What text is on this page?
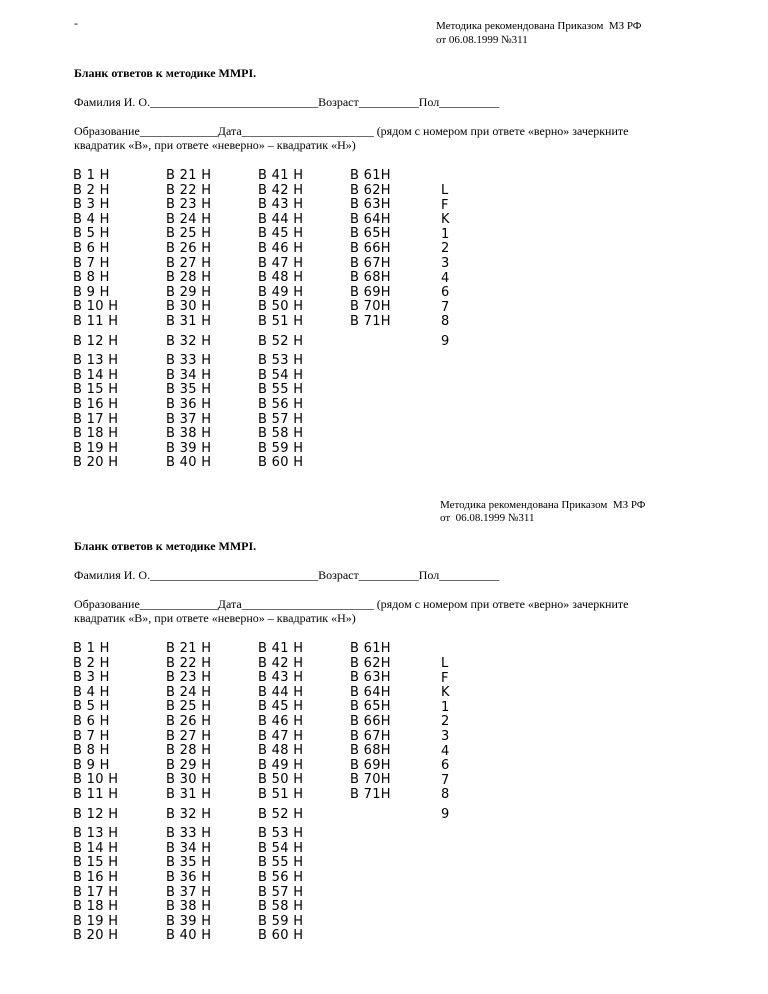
-	Методика рекомендована Приказом  МЗ РФ
от 06.08.1999 №311
Бланк ответов к методике MMPI.
Фамилия И. О.____________________________Возраст__________Пол__________
Образование_____________Дата______________________ (рядом с номером при ответе «верно» зачеркните
квадратик «В», при ответе «неверно» – квадратик «Н»)
В 1 Н
В 2 Н
В 3 Н
В 4 Н
В 5 Н
В 6 Н
В 7 Н
В 8 Н
В 9 Н
В 10 Н
В 11 Н
В 12 Н
В 13 Н
В 14 Н
В 15 Н
В 16 Н
В 17 Н
В 18 Н
В 19 Н
В 20 Н
В 21 Н
В 22 Н
В 23 Н
В 24 Н
В 25 Н
В 26 Н
В 27 Н
В 28 Н
В 29 Н
В 30 Н
В 31 Н
В 32 Н
В 33 Н
В 34 Н
В 35 Н
В 36 Н
В 37 Н
В 38 Н
В 39 Н
В 40 Н
В 41 Н
В 42 Н
В 43 Н
В 44 Н
В 45 Н
В 46 Н
В 47 Н
В 48 Н
В 49 Н
В 50 Н
В 51 Н
В 52 Н
В 53 Н
В 54 Н
В 55 Н
В 56 Н
В 57 Н
В 58 Н
В 59 Н
В 60 Н
В 61Н
В 62Н
В 63Н
В 64Н
В 65Н
В 66Н
В 67Н
В 68Н
В 69Н
В 70Н
В 71Н
L
F
K
1
2
3
4
6
7
8
9
Методика рекомендована Приказом  МЗ РФ
от  06.08.1999 №311
Бланк ответов к методике MMPI.
Фамилия И. О.____________________________Возраст__________Пол__________
Образование_____________Дата______________________ (рядом с номером при ответе «верно» зачеркните
квадратик «В», при ответе «неверно» – квадратик «Н»)
В 1 Н
В 2 Н
В 3 Н
В 4 Н
В 5 Н
В 6 Н
В 7 Н
В 8 Н
В 9 Н
В 10 Н
В 11 Н
В 12 Н
В 13 Н
В 14 Н
В 15 Н
В 16 Н
В 17 Н
В 18 Н
В 19 Н
В 20 Н
В 21 Н
В 22 Н
В 23 Н
В 24 Н
В 25 Н
В 26 Н
В 27 Н
В 28 Н
В 29 Н
В 30 Н
В 31 Н
В 32 Н
В 33 Н
В 34 Н
В 35 Н
В 36 Н
В 37 Н
В 38 Н
В 39 Н
В 40 Н
В 41 Н
В 42 Н
В 43 Н
В 44 Н
В 45 Н
В 46 Н
В 47 Н
В 48 Н
В 49 Н
В 50 Н
В 51 Н
В 52 Н
В 53 Н
В 54 Н
В 55 Н
В 56 Н
В 57 Н
В 58 Н
В 59 Н
В 60 Н
В 61Н
В 62Н
В 63Н
В 64Н
В 65Н
В 66Н
В 67Н
В 68Н
В 69Н
В 70Н
В 71Н
L
F
K
1
2
3
4
6
7
8
9
